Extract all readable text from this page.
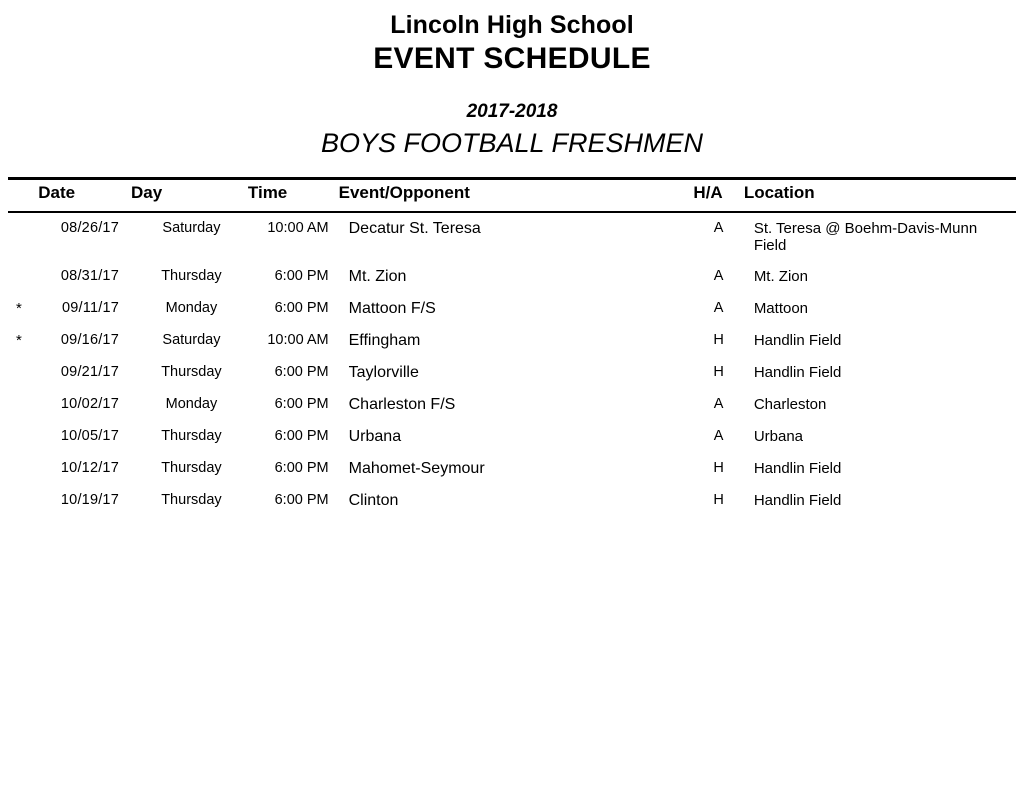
Lincoln High School
EVENT SCHEDULE
2017-2018
BOYS FOOTBALL FRESHMEN
	Date	Day	Time	Event/Opponent	H/A	Location
	08/26/17	Saturday	10:00 AM	Decatur St. Teresa	A	St. Teresa @ Boehm-Davis-Munn Field
	08/31/17	Thursday	6:00 PM	Mt. Zion	A	Mt. Zion
*	09/11/17	Monday	6:00 PM	Mattoon F/S	A	Mattoon
*	09/16/17	Saturday	10:00 AM	Effingham	H	Handlin Field
	09/21/17	Thursday	6:00 PM	Taylorville	H	Handlin Field
	10/02/17	Monday	6:00 PM	Charleston F/S	A	Charleston
	10/05/17	Thursday	6:00 PM	Urbana	A	Urbana
	10/12/17	Thursday	6:00 PM	Mahomet-Seymour	H	Handlin Field
	10/19/17	Thursday	6:00 PM	Clinton	H	Handlin Field
